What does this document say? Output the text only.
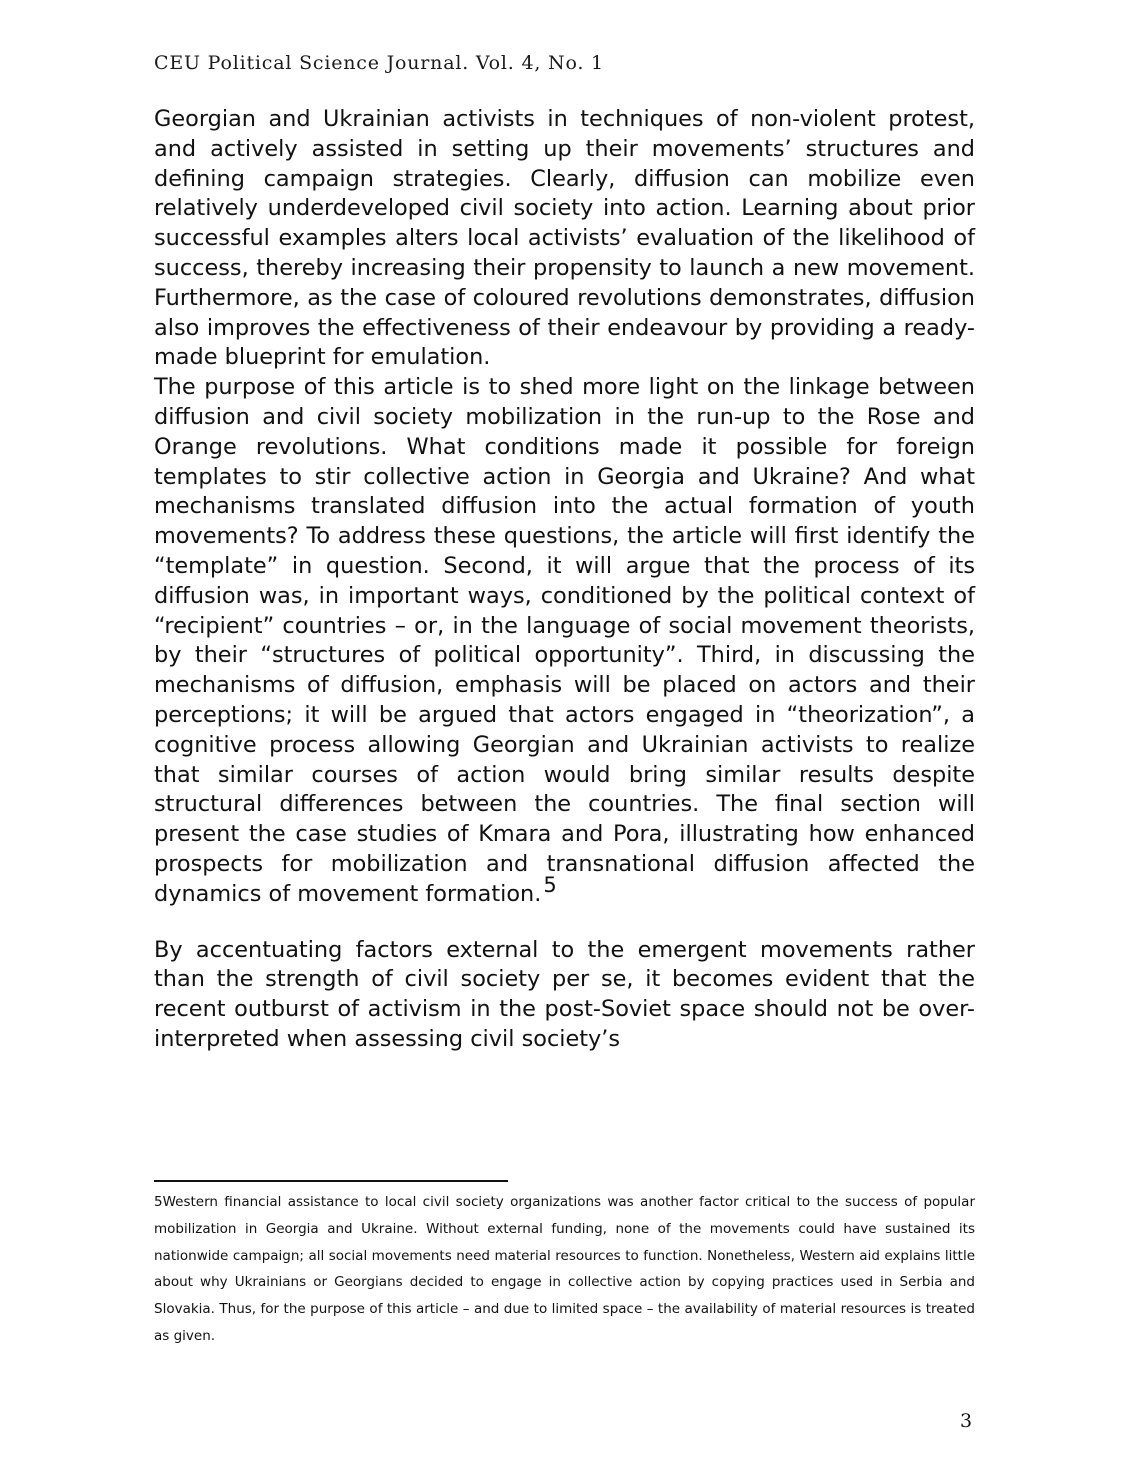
CEU Political Science Journal. Vol. 4, No. 1

Georgian and Ukrainian activists in techniques of non-violent protest, and actively assisted in setting up their movements’ structures and defining campaign strategies. Clearly, diffusion can mobilize even relatively underdeveloped civil society into action. Learning about prior successful examples alters local activists’ evaluation of the likelihood of success, thereby increasing their propensity to launch a new movement. Furthermore, as the case of coloured revolutions demonstrates, diffusion also improves the effectiveness of their endeavour by providing a ready-made blueprint for emulation.

The purpose of this article is to shed more light on the linkage between diffusion and civil society mobilization in the run-up to the Rose and Orange revolutions. What conditions made it possible for foreign templates to stir collective action in Georgia and Ukraine? And what mechanisms translated diffusion into the actual formation of youth movements? To address these questions, the article will first identify the “template” in question. Second, it will argue that the process of its diffusion was, in important ways, conditioned by the political context of “recipient” countries – or, in the language of social movement theorists, by their “structures of political opportunity”. Third, in discussing the mechanisms of diffusion, emphasis will be placed on actors and their perceptions; it will be argued that actors engaged in “theorization”, a cognitive process allowing Georgian and Ukrainian activists to realize that similar courses of action would bring similar results despite structural differences between the countries. The final section will present the case studies of Kmara and Pora, illustrating how enhanced prospects for mobilization and transnational diffusion affected the dynamics of movement formation.5

By accentuating factors external to the emergent movements rather than the strength of civil society per se, it becomes evident that the recent outburst of activism in the post-Soviet space should not be over-interpreted when assessing civil society’s

5Western financial assistance to local civil society organizations was another factor critical to the success of popular mobilization in Georgia and Ukraine. Without external funding, none of the movements could have sustained its nationwide campaign; all social movements need material resources to function. Nonetheless, Western aid explains little about why Ukrainians or Georgians decided to engage in collective action by copying practices used in Serbia and Slovakia. Thus, for the purpose of this article – and due to limited space – the availability of material resources is treated as given.

3
